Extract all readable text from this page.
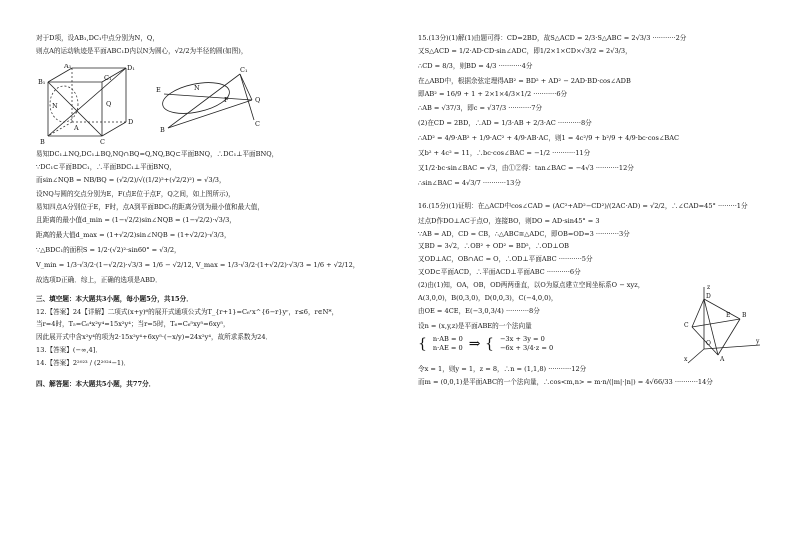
对于D项，设AB₁,DC₁中点分别为N，Q，
则点A的运动轨迹是平面ABC₁D内以N为圆心，√2/2为半径的圆(如图)，
B₁	C₁
A₁	D₁
N	Q
B	C
A
D
E	N
F
C₁
B
Q
C
易知DC₁⊥NQ,DC₁⊥BQ,NQ∩BQ=Q,NQ,BQ⊂平面BNQ，∴DC₁⊥平面BNQ，
∵DC₁⊂平面BDC₁，∴平面BDC₁⊥平面BNQ，
而sin∠NQB = NB/BQ = (√2/2)/√((1/2)²+(√2/2)²) = √3/3，
设NQ与圆的交点分别为E，F(点E位于点F，Q之间，如上图所示)，
易知四点A分别位于E，F时，点A到平面BDC₁的距离分别为最小值和最大值，
且距离的最小值d_min = (1−√2/2)sin∠NQB = (1−√2/2)·√3/3，
距离的最大值d_max = (1+√2/2)sin∠NQB = (1+√2/2)·√3/3，
∵△BDC₁的面积S = 1/2·(√2)²·sin60° = √3/2，
V_min = 1/3·√3/2·(1−√2/2)·√3/3 = 1/6 − √2/12, V_max = 1/3·√3/2·(1+√2/2)·√3/3 = 1/6 + √2/12，
故选项D正确．综上，正确的选项是ABD．
三、填空题：本大题共3小题，每小题5分，共15分．
12.【答案】24【详解】二项式(x+y)⁶的展开式通项公式为T_{r+1}=C₆ʳx^{6−r}yʳ，r≤6，r∈N*，
当r=4时，T₅=C₆⁴x²y⁴=15x²y⁴；当r=5时，T₆=C₆⁵xy⁵=6xy⁵，
因此展开式中含x²y⁴的项为2·15x²y⁴+6xy⁵·(−x/y)=24x²y⁴，故所求系数为24．
13.【答案】(−∞,4]．
14.【答案】2²⁰²³ / (2²⁰²⁴−1)．
四、解答题：本大题共5小题，共77分．
15.(13分)(1)解(1)由题可得：CD=2BD，故S△ACD = 2/3·S△ABC = 2√3/3 ···········2分
又S△ACD = 1/2·AD·CD·sin∠ADC，即1/2×1×CD×√3/2 = 2√3/3，
∴CD = 8/3，则BD = 4/3 ···········4分
在△ABD中，根据余弦定理得AB² = BD² + AD² − 2AD·BD·cos∠ADB
即AB² = 16/9 + 1 + 2×1×4/3×1/2 ···········6分
∴AB = √37/3，即c = √37/3 ···········7分
(2)在CD = 2BD，∴AD = 1/3·AB + 2/3·AC ···········8分
∴AD² = 4/9·AB² + 1/9·AC² + 4/9·AB·AC，则1 = 4c²/9 + b²/9 + 4/9·bc·cos∠BAC
又b² + 4c² = 11，∴bc·cos∠BAC = −1/2 ···········11分
又1/2·bc·sin∠BAC = √3，由①②得：tan∠BAC = −4√3 ···········12分
∴sin∠BAC = 4√3/7 ···········13分
16.(15分)(1)证明：在△ACD中cos∠CAD = (AC²+AD²−CD²)/(2AC·AD) = √2/2，∴∠CAD=45° ·········1分
过点D作DO⊥AC于点O，连接BO，则DO = AD·sin45° = 3
∵AB = AD，CD = CB，∴△ABC≅△ADC，即OB=OD=3 ···········3分
又BD = 3√2，∴OB² + OD² = BD²，∴OD⊥OB
又OD⊥AC，OB∩AC = O，∴OD⊥平面ABC ···········5分
又OD⊂平面ACD，∴平面ACD⊥平面ABC ···········6分
(2)由(1)知，OA，OB，OD两两垂直，以O为原点建立空间坐标系O − xyz，
A(3,0,0)，B(0,3,0)，D(0,0,3)，C(−4,0,0)，
由OE = 4CE，E(−3,0,3/4) ···········8分
设n = (x,y,z)是平面ABE的一个法向量
{ n·AB = 0
n·AE = 0 ⇒ { −3x + 3y = 0
−6x + 3/4·z = 0
z
D
E
O
B
A
C
y
x
令x = 1，则y = 1，z = 8，∴n = (1,1,8) ···········12分
而m = (0,0,1)是平面ABC的一个法向量，∴cos<m,n> = m·n/(|m|·|n|) = 4√66/33 ···········14分
